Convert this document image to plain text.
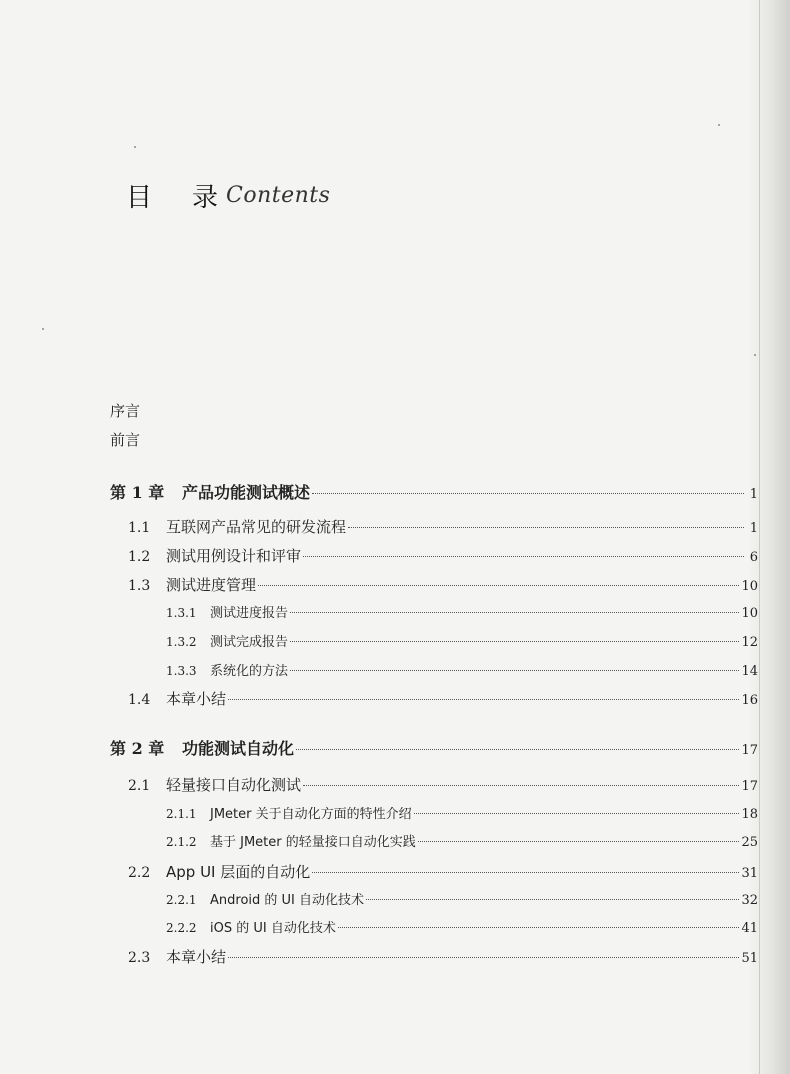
目 录 Contents
序言
前言
第 1 章	产品功能测试概述	1
1.1	互联网产品常见的研发流程	1
1.2	测试用例设计和评审	6
1.3	测试进度管理	10
1.3.1	测试进度报告	10
1.3.2	测试完成报告	12
1.3.3	系统化的方法	14
1.4	本章小结	16
第 2 章	功能测试自动化	17
2.1	轻量接口自动化测试	17
2.1.1	JMeter 关于自动化方面的特性介绍	18
2.1.2	基于 JMeter 的轻量接口自动化实践	25
2.2	App UI 层面的自动化	31
2.2.1	Android 的 UI 自动化技术	32
2.2.2	iOS 的 UI 自动化技术	41
2.3	本章小结	51
